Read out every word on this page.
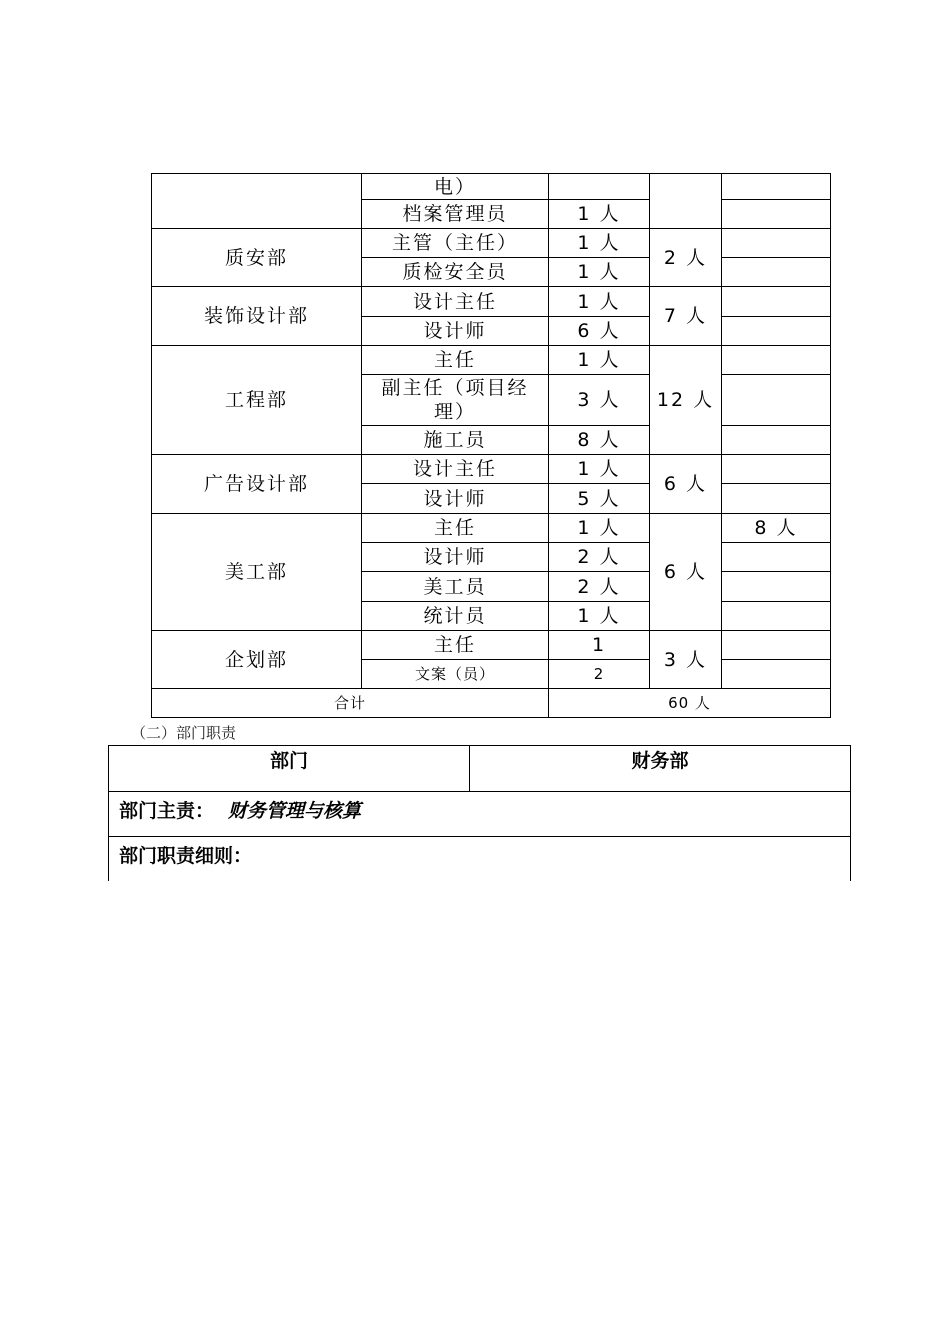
	电）			
	档案管理员	1 人		
质安部	主管（主任）	1 人	2 人	
	质检安全员	1 人		
装饰设计部	设计主任	1 人	7 人	
	设计师	6 人		
工程部	主任	1 人	12 人	
	副主任（项目经理）	3 人		
	施工员	8 人		
广告设计部	设计主任	1 人	6 人	
	设计师	5 人		
美工部	主任	1 人	6 人	8 人
	设计师	2 人		
	美工员	2 人		
	统计员	1 人		
企划部	主任	1	3 人	
	文案（员）	2		
合计		60 人		
（二）部门职责
部门	财务部
部门主责： 财务管理与核算
部门职责细则：
